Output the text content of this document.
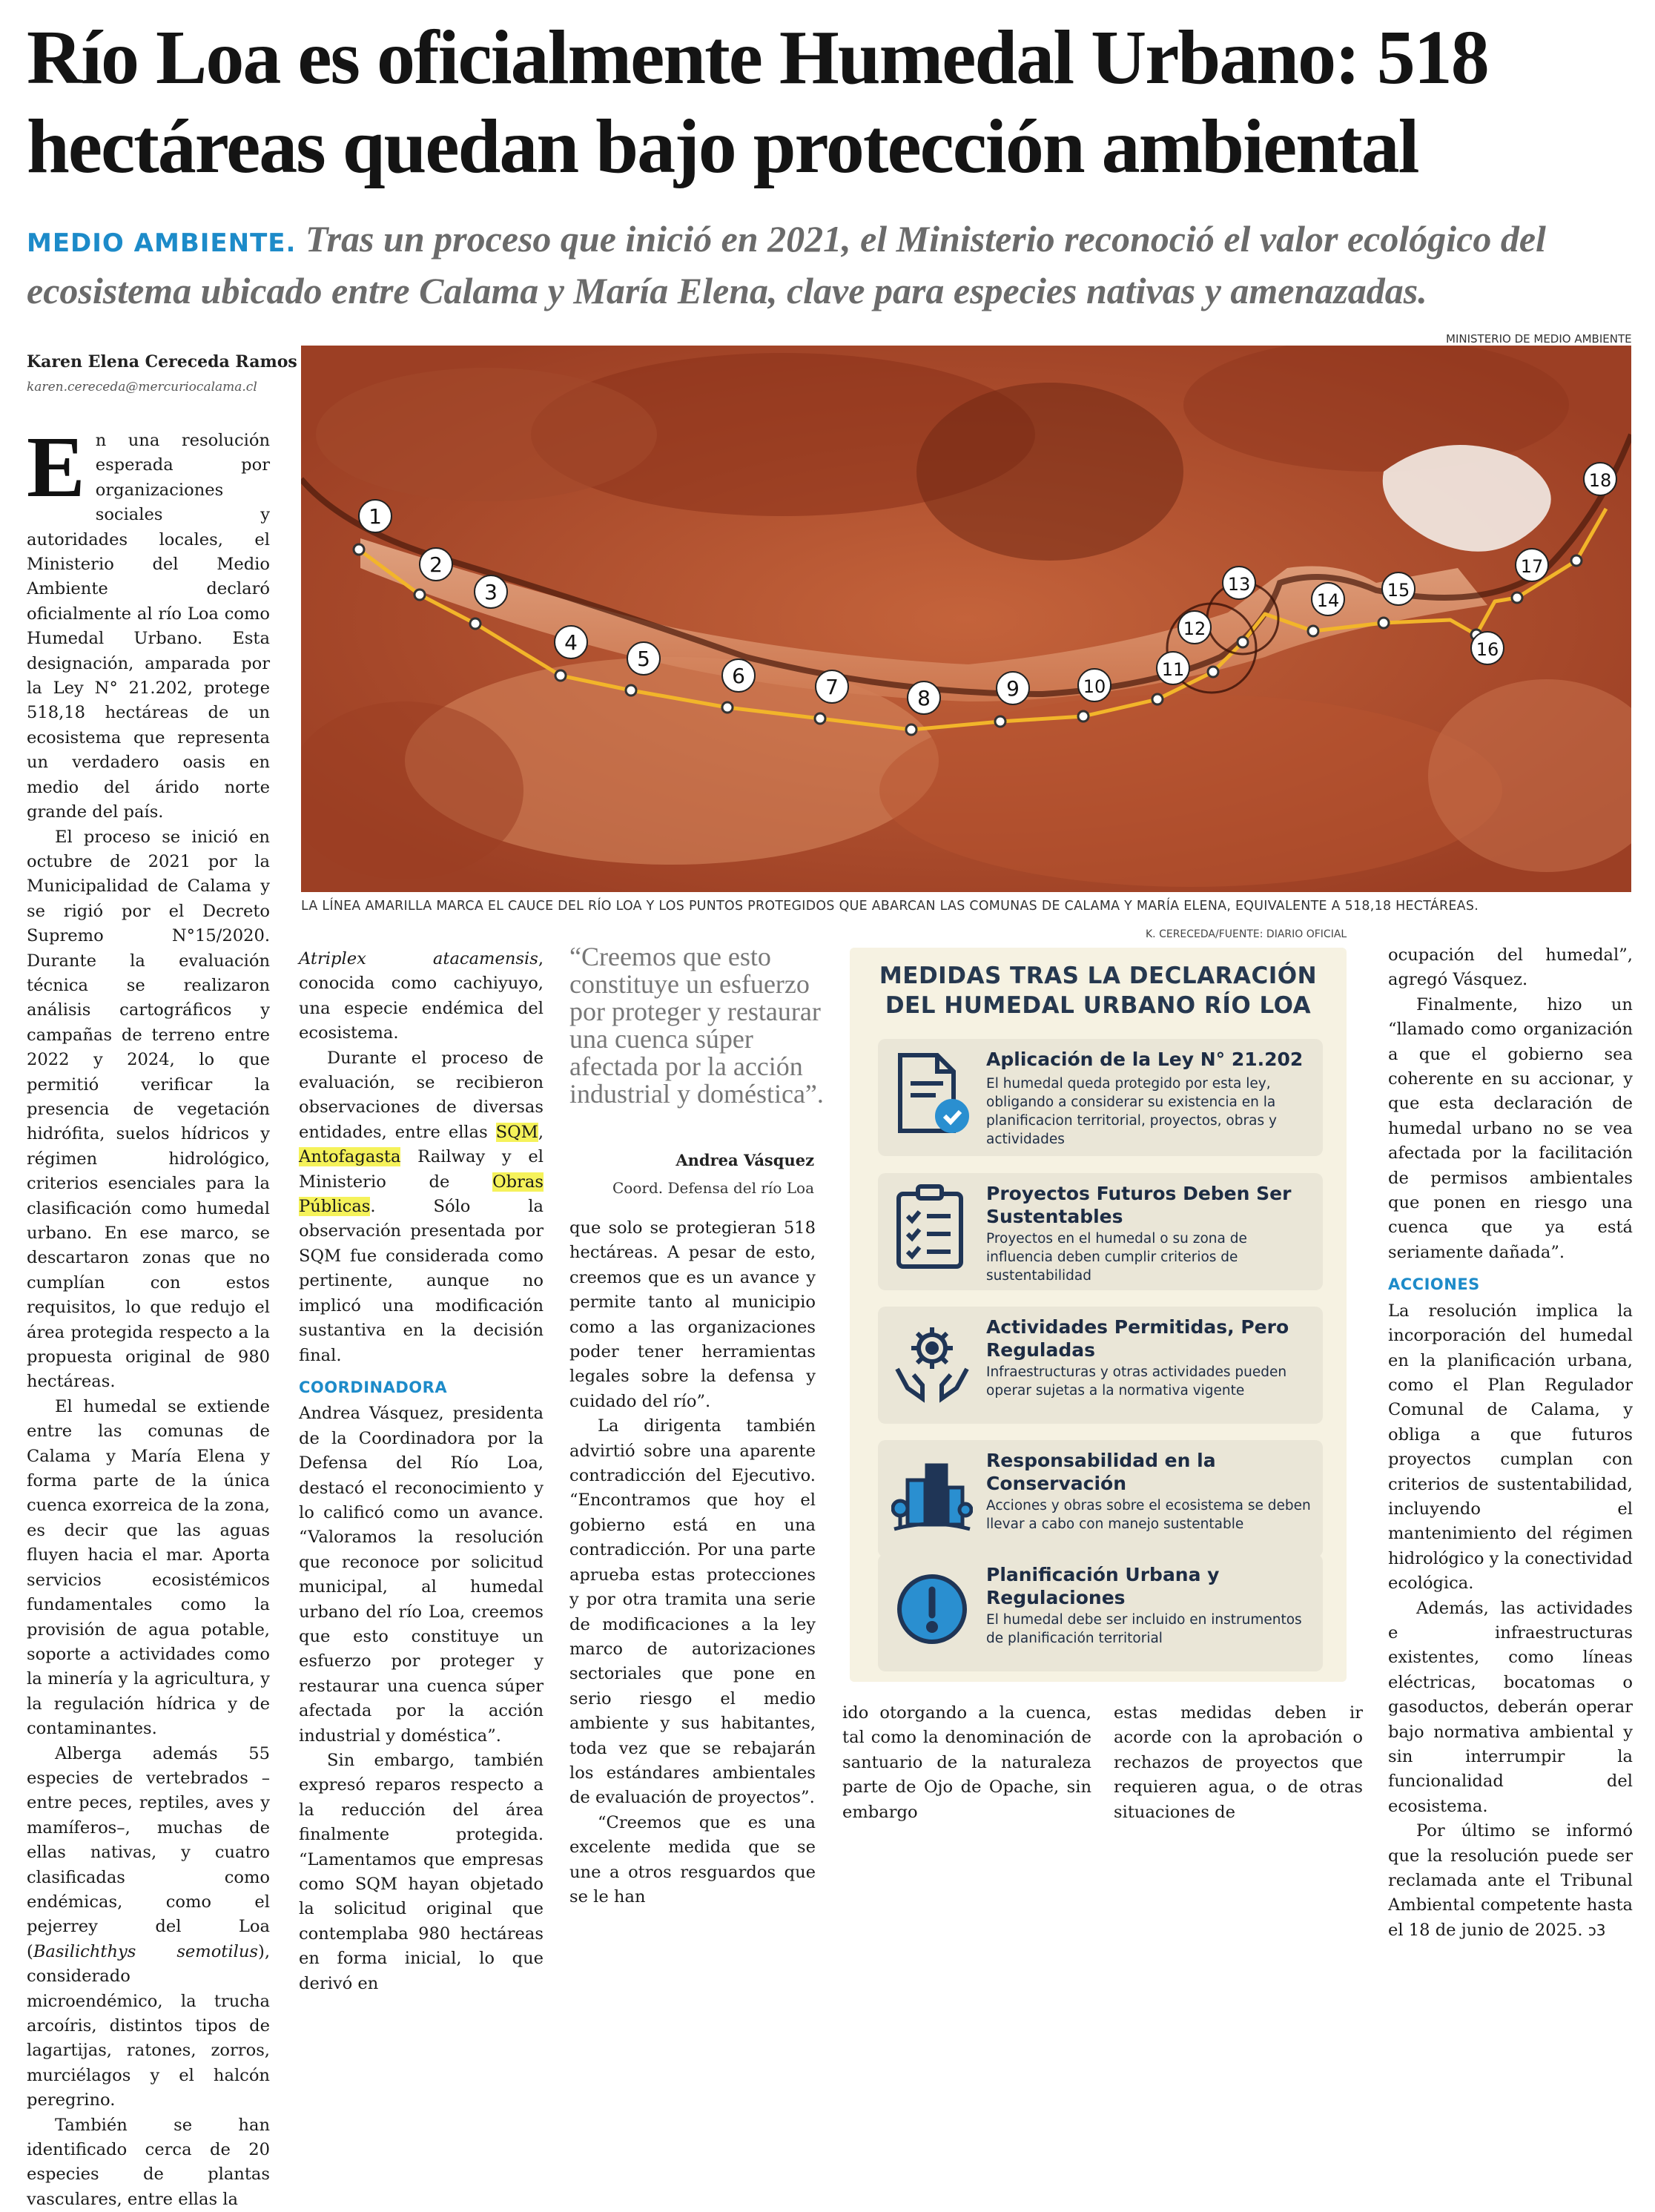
Río Loa es oficialmente Humedal Urbano: 518
hectáreas quedan bajo protección ambiental
MEDIO AMBIENTE. Tras un proceso que inició en 2021, el Ministerio reconoció el valor ecológico del
ecosistema ubicado entre Calama y María Elena, clave para especies nativas y amenazadas.
MINISTERIO DE MEDIO AMBIENTE
Karen Elena Cereceda Ramos
karen.cereceda@mercuriocalama.cl
1
2
3
4
5
6	7	8	9	10
11
12
13
14	15
16
17
18
LA LÍNEA AMARILLA MARCA EL CAUCE DEL RÍO LOA Y LOS PUNTOS PROTEGIDOS QUE ABARCAN LAS COMUNAS DE CALAMA Y MARÍA ELENA, EQUIVALENTE A 518,18 HECTÁREAS.
K. CERECEDA/FUENTE: DIARIO OFICIAL

En una resolución esperada por organizaciones sociales y autoridades locales, el Ministerio del Medio Ambiente declaró oficialmente al río Loa como Humedal Urbano. Esta designación, amparada por la Ley N° 21.202, protege 518,18 hectáreas de un ecosistema que representa un verdadero oasis en medio del árido norte grande del país.

El proceso se inició en octubre de 2021 por la Municipalidad de Calama y se rigió por el Decreto Supremo N°15/2020. Durante la evaluación técnica se realizaron análisis cartográficos y campañas de terreno entre 2022 y 2024, lo que permitió verificar la presencia de vegetación hidrófita, suelos hídricos y régimen hidrológico, criterios esenciales para la clasificación como humedal urbano. En ese marco, se descartaron zonas que no cumplían con estos requisitos, lo que redujo el área protegida respecto a la propuesta original de 980 hectáreas.

El humedal se extiende entre las comunas de Calama y María Elena y forma parte de la única cuenca exorreica de la zona, es decir que las aguas fluyen hacia el mar. Aporta servicios ecosistémicos fundamentales como la provisión de agua potable, soporte a actividades como la minería y la agricultura, y la regulación hídrica y de contaminantes.

Alberga además 55 especies de vertebrados –entre peces, reptiles, aves y mamíferos–, muchas de ellas nativas, y cuatro clasificadas como endémicas, como el pejerrey del Loa (Basilichthys semotilus), considerado microendémico, la trucha arcoíris, distintos tipos de lagartijas, ratones, zorros, murciélagos y el halcón peregrino.

También se han identificado cerca de 20 especies de plantas vasculares, entre ellas la

Atriplex atacamensis, conocida como cachiyuyo, una especie endémica del ecosistema.

Durante el proceso de evaluación, se recibieron observaciones de diversas entidades, entre ellas SQM, Antofagasta Railway y el Ministerio de Obras Públicas. Sólo la observación presentada por SQM fue considerada como pertinente, aunque no implicó una modificación sustantiva en la decisión final.

COORDINADORA

Andrea Vásquez, presidenta de la Coordinadora por la Defensa del Río Loa, destacó el reconocimiento y lo calificó como un avance. “Valoramos la resolución que reconoce por solicitud municipal, al humedal urbano del río Loa, creemos que esto constituye un esfuerzo por proteger y restaurar una cuenca súper afectada por la acción industrial y doméstica”.

Sin embargo, también expresó reparos respecto a la reducción del área finalmente protegida. “Lamentamos que empresas como SQM hayan objetado la solicitud original que contemplaba 980 hectáreas en forma inicial, lo que derivó en

“Creemos que esto constituye un esfuerzo por proteger y restaurar una cuenca súper afectada por la acción industrial y doméstica”.
Andrea Vásquez
Coord. Defensa del río Loa

que solo se protegieran 518 hectáreas. A pesar de esto, creemos que es un avance y permite tanto al municipio como a las organizaciones poder tener herramientas legales sobre la defensa y cuidado del río”.

La dirigenta también advirtió sobre una aparente contradicción del Ejecutivo. “Encontramos que hoy el gobierno está en una contradicción. Por una parte aprueba estas protecciones y por otra tramita una serie de modificaciones a la ley marco de autorizaciones sectoriales que pone en serio riesgo el medio ambiente y sus habitantes, toda vez que se rebajarán los estándares ambientales de evaluación de proyectos”.

“Creemos que es una excelente medida que se une a otros resguardos que se le han

MEDIDAS TRAS LA DECLARACIÓN
DEL HUMEDAL URBANO RÍO LOA
Aplicación de la Ley N° 21.202
El humedal queda protegido por esta ley, obligando a considerar su existencia en la planificacion territorial, proyectos, obras y actividades
Proyectos Futuros Deben Ser Sustentables
Proyectos en el humedal o su zona de influencia deben cumplir criterios de sustentabilidad
Actividades Permitidas, Pero Reguladas
Infraestructuras y otras actividades pueden operar sujetas a la normativa vigente
Responsabilidad en la Conservación
Acciones y obras sobre el ecosistema se deben llevar a cabo con manejo sustentable
Planificación Urbana y Regulaciones
El humedal debe ser incluido en instrumentos de planificación territorial

ido otorgando a la cuenca, tal como la denominación de santuario de la naturaleza parte de Ojo de Opache, sin embargo

estas medidas deben ir acorde con la aprobación o rechazos de proyectos que requieren agua, o de otras situaciones de

ocupación del humedal”, agregó Vásquez.

Finalmente, hizo un “llamado como organización a que el gobierno sea coherente en su accionar, y que esta declaración de humedal urbano no se vea afectada por la facilitación de permisos ambientales que ponen en riesgo una cuenca que ya está seriamente dañada”.

ACCIONES

La resolución implica la incorporación del humedal en la planificación urbana, como el Plan Regulador Comunal de Calama, y obliga a que futuros proyectos cumplan con criterios de sustentabilidad, incluyendo el mantenimiento del régimen hidrológico y la conectividad ecológica.

Además, las actividades e infraestructuras existentes, como líneas eléctricas, bocatomas o gasoductos, deberán operar bajo normativa ambiental y sin interrumpir la funcionalidad del ecosistema.

Por último se informó que la resolución puede ser reclamada ante el Tribunal Ambiental competente hasta el 18 de junio de 2025. ↄ3
